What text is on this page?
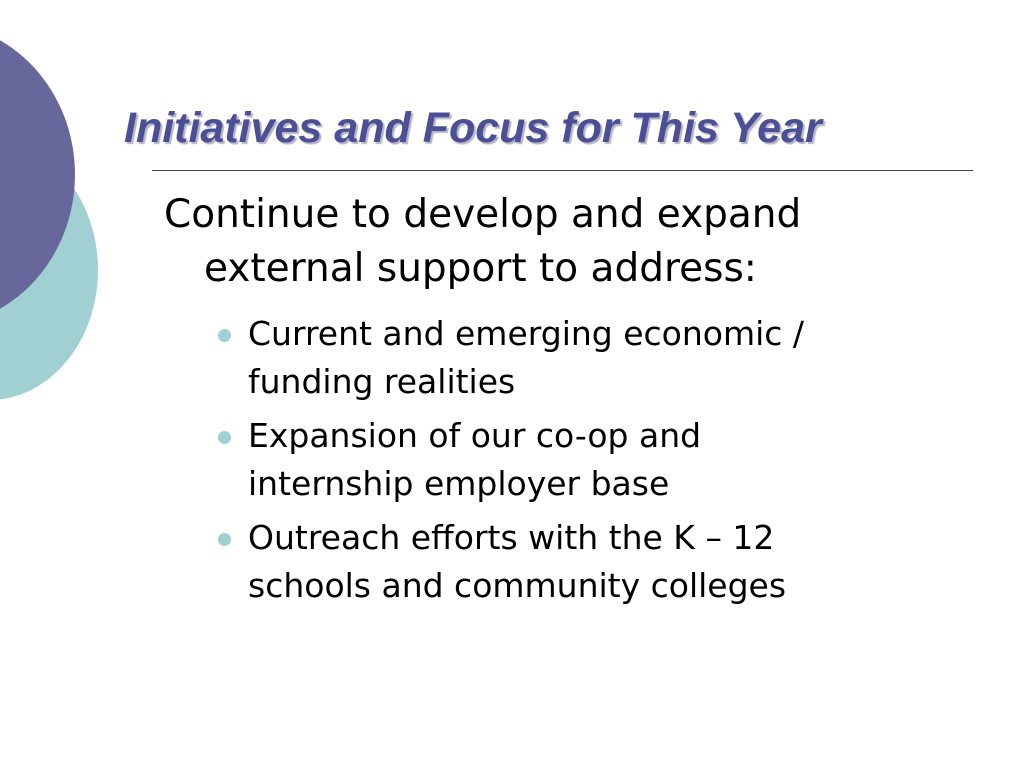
Initiatives and Focus for This Year

Continue to develop and expand external support to address:

Current and emerging economic / funding realities
Expansion of our co-op and internship employer base
Outreach efforts with the K – 12 schools and community colleges
